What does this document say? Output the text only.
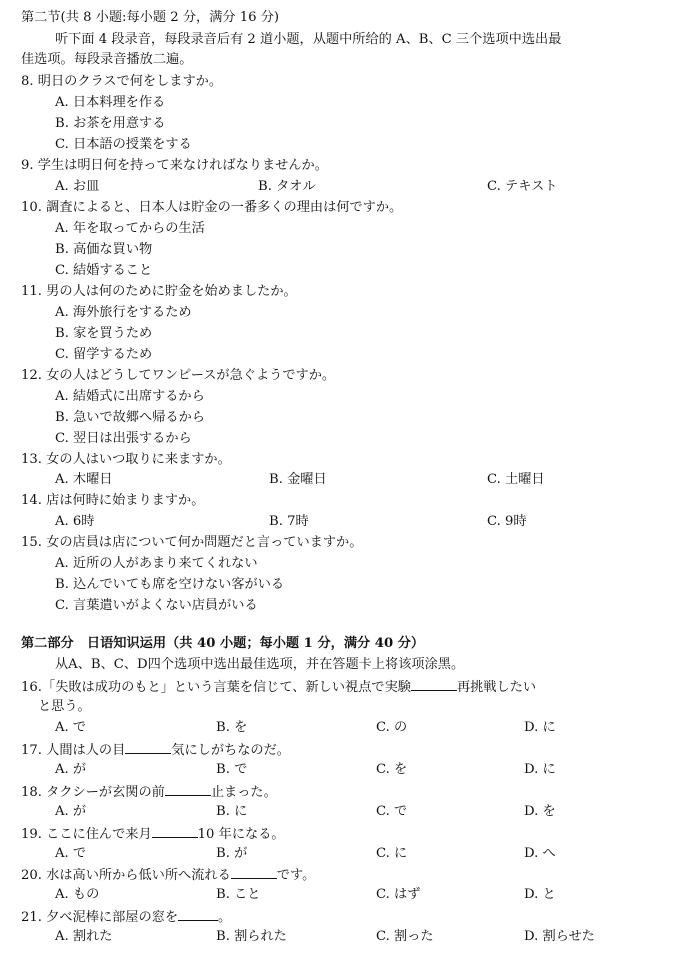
第二节(共 8 小题:每小题 2 分，满分 16 分)
听下面 4 段录音，每段录音后有 2 道小题，从题中所给的 A、B、C 三个选项中选出最
佳选项。每段录音播放二遍。
8. 明日のクラスで何をしますか。
A. 日本料理を作る
B. お茶を用意する
C. 日本語の授業をする
9. 学生は明日何を持って来なければなりませんか。
A. お皿	B. タオル	C. テキスト
10. 調査によると、日本人は貯金の一番多くの理由は何ですか。
A. 年を取ってからの生活
B. 高価な買い物
C. 結婚すること
11. 男の人は何のために貯金を始めましたか。
A. 海外旅行をするため
B. 家を買うため
C. 留学するため
12. 女の人はどうしてワンピースが急ぐようですか。
A. 結婚式に出席するから
B. 急いで故郷へ帰るから
C. 翌日は出張するから
13. 女の人はいつ取りに来ますか。
A. 木曜日	B. 金曜日	C. 土曜日
14. 店は何時に始まりますか。
A. 6時	B. 7時	C. 9時
15. 女の店員は店について何か問題だと言っていますか。
A. 近所の人があまり来てくれない
B. 込んでいても席を空けない客がいる
C. 言葉遣いがよくない店員がいる
第二部分　日语知识运用（共 40 小题；每小题 1 分，满分 40 分）
从A、B、C、D四个选项中选出最佳选项，并在答题卡上将该项涂黑。
16.「失敗は成功のもと」という言葉を信じて、新しい視点で実験	再挑戦したい
と思う。
A. で	B. を	C. の	D. に
17. 人間は人の目	気にしがちなのだ。
A. が	B. で	C. を	D. に
18. タクシーが玄関の前	止まった。
A. が	B. に	C. で	D. を
19. ここに住んで来月	10 年になる。
A. で	B. が	C. に	D. へ
20. 水は高い所から低い所へ流れる	です。
A. もの	B. こと	C. はず	D. と
21. 夕べ泥棒に部屋の窓を	。
A. 割れた	B. 割られた	C. 割った	D. 割らせた
